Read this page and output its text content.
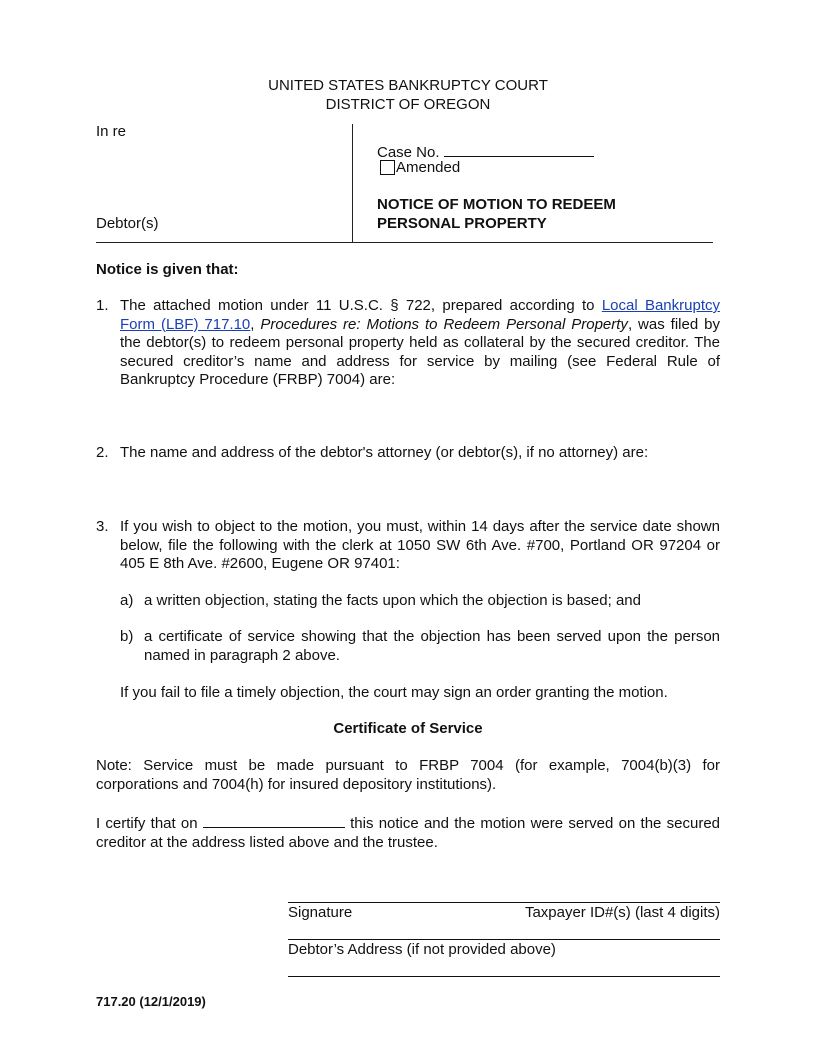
UNITED STATES BANKRUPTCY COURT
DISTRICT OF OREGON
In re
Debtor(s)
Case No.
Amended
NOTICE OF MOTION TO REDEEM
PERSONAL PROPERTY
Notice is given that:
1. The attached motion under 11 U.S.C. § 722, prepared according to Local Bankruptcy Form (LBF) 717.10, Procedures re: Motions to Redeem Personal Property, was filed by the debtor(s) to redeem personal property held as collateral by the secured creditor. The secured creditor’s name and address for service by mailing (see Federal Rule of Bankruptcy Procedure (FRBP) 7004) are:
2. The name and address of the debtor's attorney (or debtor(s), if no attorney) are:
3. If you wish to object to the motion, you must, within 14 days after the service date shown below, file the following with the clerk at 1050 SW 6th Ave. #700, Portland OR 97204 or 405 E 8th Ave. #2600, Eugene OR 97401:
a) a written objection, stating the facts upon which the objection is based; and
b) a certificate of service showing that the objection has been served upon the person named in paragraph 2 above.
If you fail to file a timely objection, the court may sign an order granting the motion.
Certificate of Service
Note: Service must be made pursuant to FRBP 7004 (for example, 7004(b)(3) for corporations and 7004(h) for insured depository institutions).
I certify that on	this notice and the motion were served on the secured creditor at the address listed above and the trustee.
Signature	Taxpayer ID#(s) (last 4 digits)
Debtor’s Address (if not provided above)
717.20 (12/1/2019)
